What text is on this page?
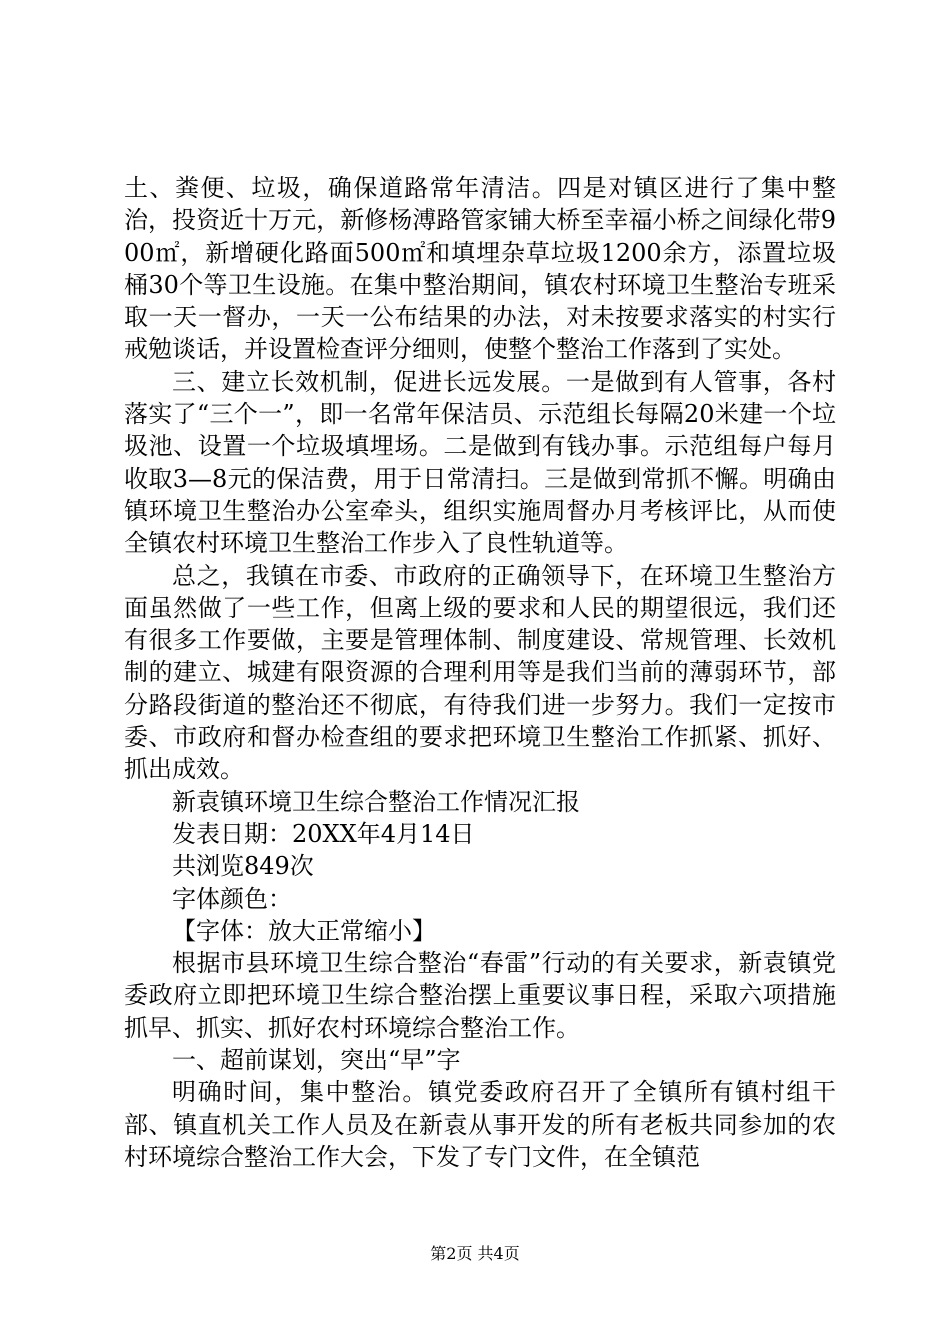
土、粪便、垃圾，确保道路常年清洁。四是对镇区进行了集中整治，投资近十万元，新修杨溥路管家铺大桥至幸福小桥之间绿化带900㎡，新增硬化路面500㎡和填埋杂草垃圾1200余方，添置垃圾桶30个等卫生设施。在集中整治期间，镇农村环境卫生整治专班采取一天一督办，一天一公布结果的办法，对未按要求落实的村实行戒勉谈话，并设置检查评分细则，使整个整治工作落到了实处。

三、建立长效机制，促进长远发展。一是做到有人管事，各村落实了“三个一”，即一名常年保洁员、示范组长每隔20米建一个垃圾池、设置一个垃圾填埋场。二是做到有钱办事。示范组每户每月收取3—8元的保洁费，用于日常清扫。三是做到常抓不懈。明确由镇环境卫生整治办公室牵头，组织实施周督办月考核评比，从而使全镇农村环境卫生整治工作步入了良性轨道等。

总之，我镇在市委、市政府的正确领导下，在环境卫生整治方面虽然做了一些工作，但离上级的要求和人民的期望很远，我们还有很多工作要做，主要是管理体制、制度建设、常规管理、长效机制的建立、城建有限资源的合理利用等是我们当前的薄弱环节，部分路段街道的整治还不彻底，有待我们进一步努力。我们一定按市委、市政府和督办检查组的要求把环境卫生整治工作抓紧、抓好、抓出成效。

新袁镇环境卫生综合整治工作情况汇报

发表日期：20XX年4月14日

共浏览849次

字体颜色：

【字体：放大正常缩小】

根据市县环境卫生综合整治“春雷”行动的有关要求，新袁镇党委政府立即把环境卫生综合整治摆上重要议事日程，采取六项措施抓早、抓实、抓好农村环境综合整治工作。

一、超前谋划，突出“早”字

明确时间，集中整治。镇党委政府召开了全镇所有镇村组干部、镇直机关工作人员及在新袁从事开发的所有老板共同参加的农村环境综合整治工作大会，下发了专门文件，在全镇范

第2页 共4页
